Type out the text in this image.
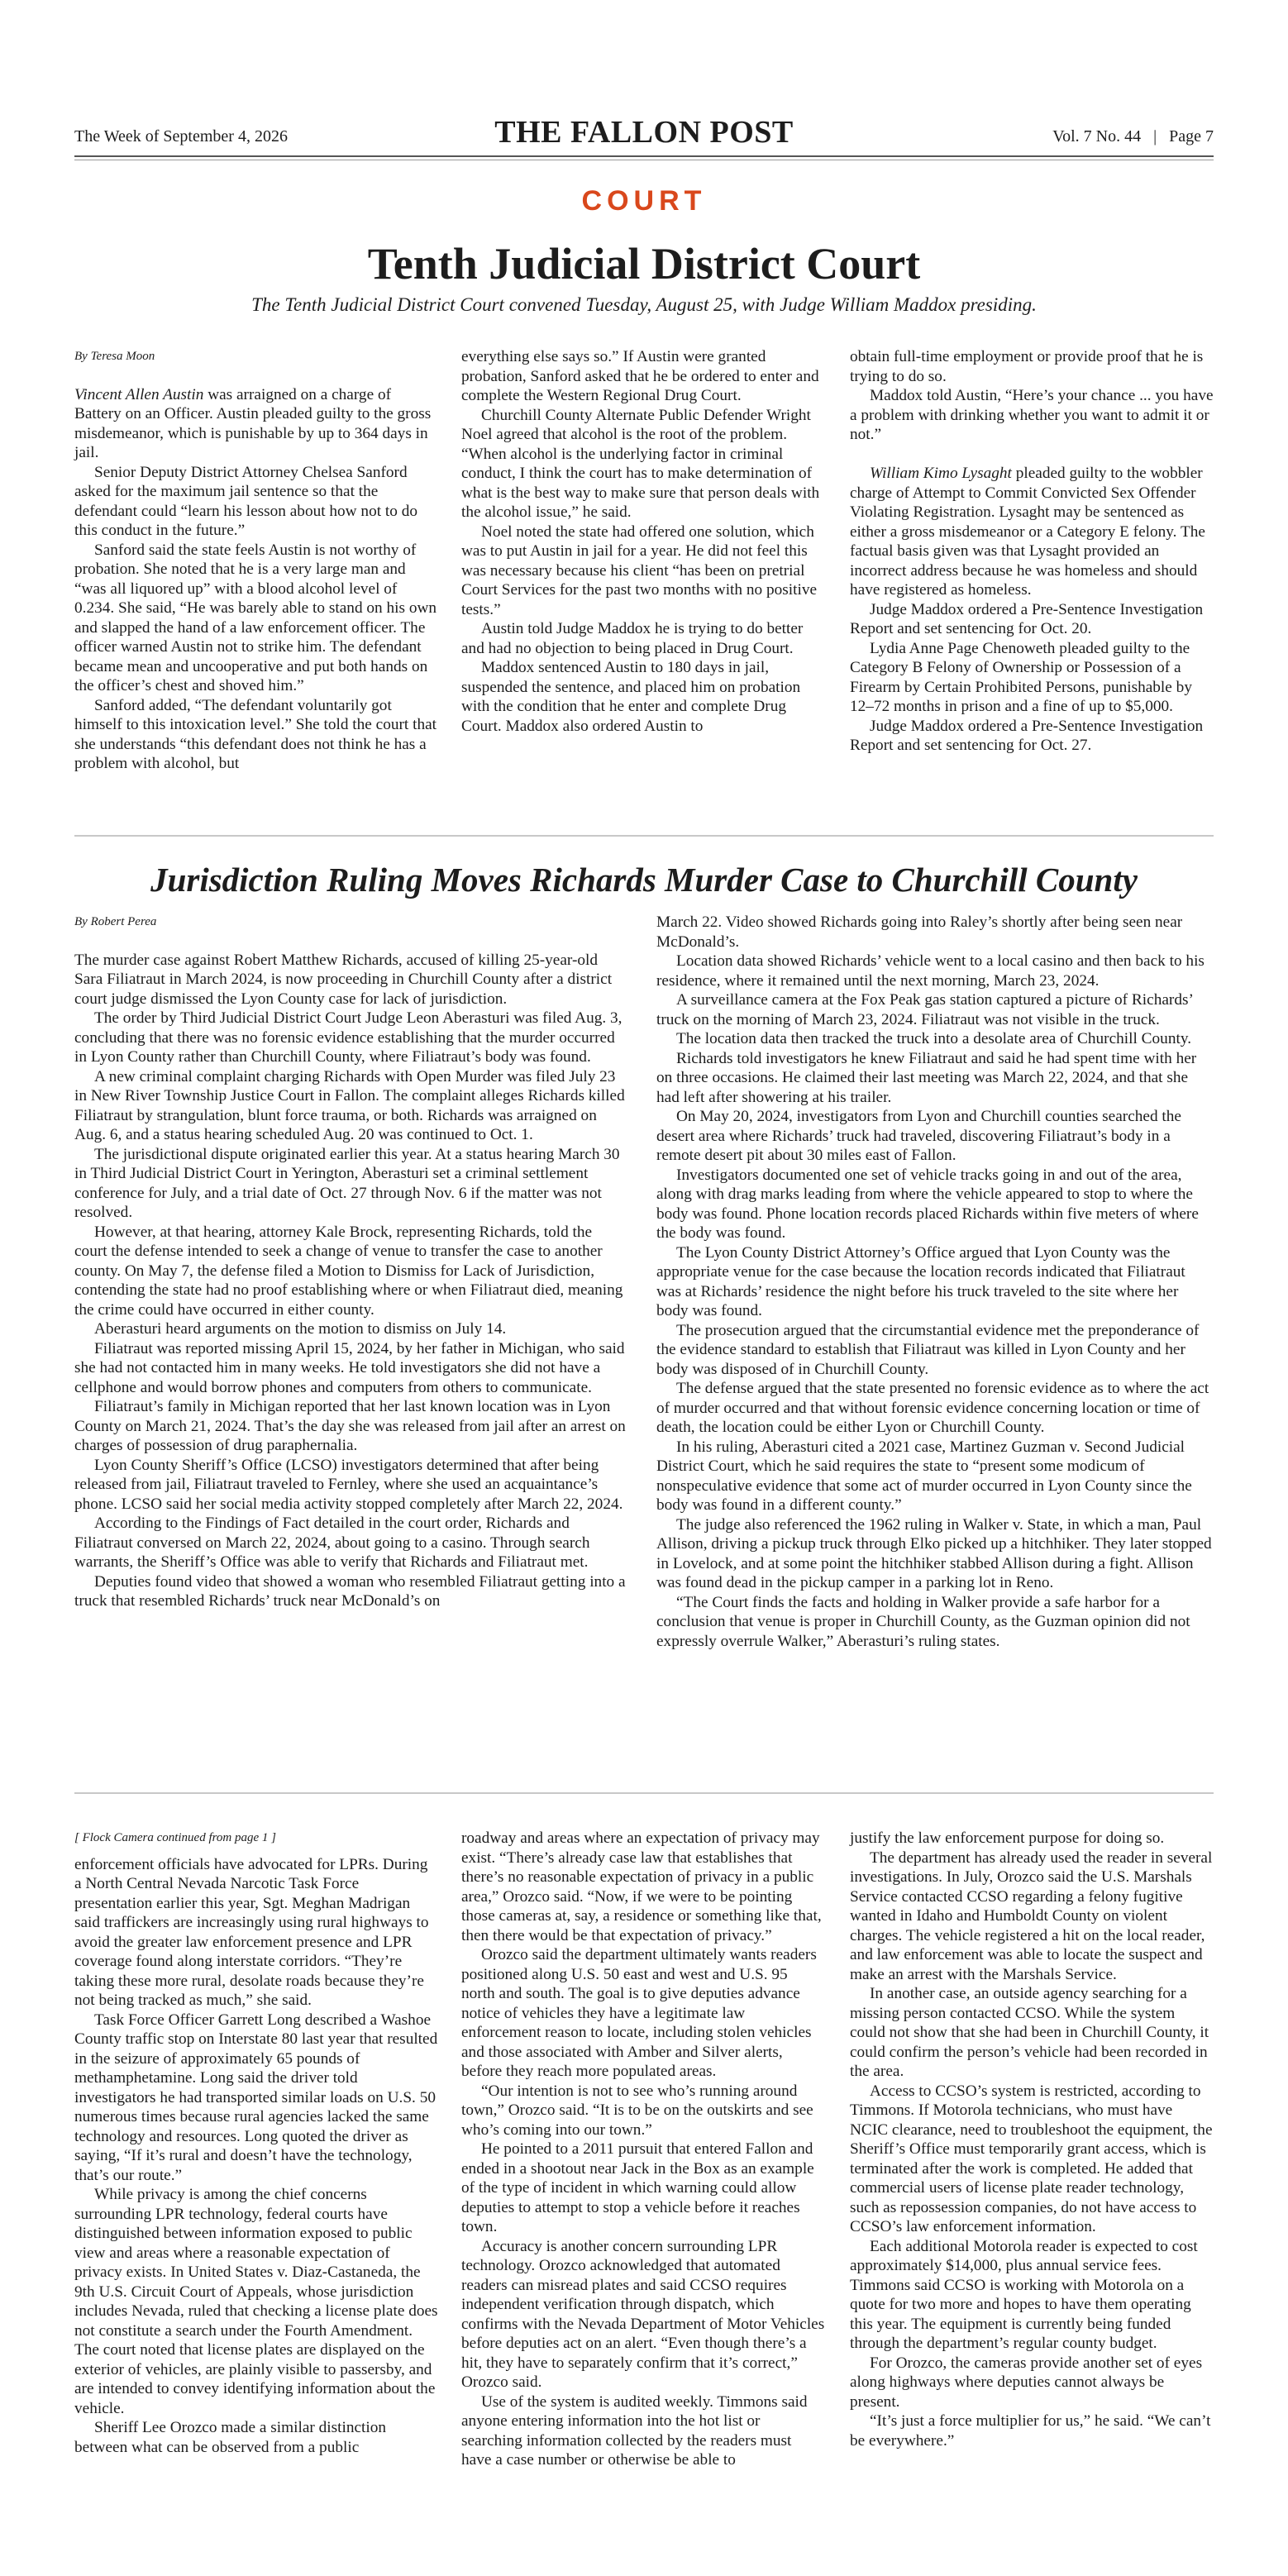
The Week of September 4, 2026	THE FALLON POST	Vol. 7 No. 44 | Page 7
COURT
Tenth Judicial District Court
The Tenth Judicial District Court convened Tuesday, August 25, with Judge William Maddox presiding.
By Teresa Moon

Vincent Allen Austin was arraigned on a charge of Battery on an Officer. Austin pleaded guilty to the gross misdemeanor, which is punishable by up to 364 days in jail.

Senior Deputy District Attorney Chelsea Sanford asked for the maximum jail sentence so that the defendant could “learn his lesson about how not to do this conduct in the future.”

Sanford said the state feels Austin is not worthy of probation. She noted that he is a very large man and “was all liquored up” with a blood alcohol level of 0.234. She said, “He was barely able to stand on his own and slapped the hand of a law enforcement officer. The officer warned Austin not to strike him. The defendant became mean and uncooperative and put both hands on the officer’s chest and shoved him.”

Sanford added, “The defendant voluntarily got himself to this intoxication level.” She told the court that she understands “this defendant does not think he has a problem with alcohol, but

everything else says so.” If Austin were granted probation, Sanford asked that he be ordered to enter and complete the Western Regional Drug Court.

Churchill County Alternate Public Defender Wright Noel agreed that alcohol is the root of the problem. “When alcohol is the underlying factor in criminal conduct, I think the court has to make determination of what is the best way to make sure that person deals with the alcohol issue,” he said.

Noel noted the state had offered one solution, which was to put Austin in jail for a year. He did not feel this was necessary because his client “has been on pretrial Court Services for the past two months with no positive tests.”

Austin told Judge Maddox he is trying to do better and had no objection to being placed in Drug Court.

Maddox sentenced Austin to 180 days in jail, suspended the sentence, and placed him on probation with the condition that he enter and complete Drug Court. Maddox also ordered Austin to

obtain full-time employment or provide proof that he is trying to do so.

Maddox told Austin, “Here’s your chance ... you have a problem with drinking whether you want to admit it or not.”

William Kimo Lysaght pleaded guilty to the wobbler charge of Attempt to Commit Convicted Sex Offender Violating Registration. Lysaght may be sentenced as either a gross misdemeanor or a Category E felony. The factual basis given was that Lysaght provided an incorrect address because he was homeless and should have registered as homeless.

Judge Maddox ordered a Pre-Sentence Investigation Report and set sentencing for Oct. 20.

Lydia Anne Page Chenoweth pleaded guilty to the Category B Felony of Ownership or Possession of a Firearm by Certain Prohibited Persons, punishable by 12–72 months in prison and a fine of up to $5,000.

Judge Maddox ordered a Pre-Sentence Investigation Report and set sentencing for Oct. 27.

Jurisdiction Ruling Moves Richards Murder Case to Churchill County
By Robert Perea

The murder case against Robert Matthew Richards, accused of killing 25-year-old Sara Filiatraut in March 2024, is now proceeding in Churchill County after a district court judge dismissed the Lyon County case for lack of jurisdiction.

The order by Third Judicial District Court Judge Leon Aberasturi was filed Aug. 3, concluding that there was no forensic evidence establishing that the murder occurred in Lyon County rather than Churchill County, where Filiatraut’s body was found.

A new criminal complaint charging Richards with Open Murder was filed July 23 in New River Township Justice Court in Fallon. The complaint alleges Richards killed Filiatraut by strangulation, blunt force trauma, or both. Richards was arraigned on Aug. 6, and a status hearing scheduled Aug. 20 was continued to Oct. 1.

The jurisdictional dispute originated earlier this year. At a status hearing March 30 in Third Judicial District Court in Yerington, Aberasturi set a criminal settlement conference for July, and a trial date of Oct. 27 through Nov. 6 if the matter was not resolved.

However, at that hearing, attorney Kale Brock, representing Richards, told the court the defense intended to seek a change of venue to transfer the case to another county. On May 7, the defense filed a Motion to Dismiss for Lack of Jurisdiction, contending the state had no proof establishing where or when Filiatraut died, meaning the crime could have occurred in either county.

Aberasturi heard arguments on the motion to dismiss on July 14.

Filiatraut was reported missing April 15, 2024, by her father in Michigan, who said she had not contacted him in many weeks. He told investigators she did not have a cellphone and would borrow phones and computers from others to communicate.

Filiatraut’s family in Michigan reported that her last known location was in Lyon County on March 21, 2024. That’s the day she was released from jail after an arrest on charges of possession of drug paraphernalia.

Lyon County Sheriff’s Office (LCSO) investigators determined that after being released from jail, Filiatraut traveled to Fernley, where she used an acquaintance’s phone. LCSO said her social media activity stopped completely after March 22, 2024.

According to the Findings of Fact detailed in the court order, Richards and Filiatraut conversed on March 22, 2024, about going to a casino. Through search warrants, the Sheriff’s Office was able to verify that Richards and Filiatraut met.

Deputies found video that showed a woman who resembled Filiatraut getting into a truck that resembled Richards’ truck near McDonald’s on

March 22. Video showed Richards going into Raley’s shortly after being seen near McDonald’s.

Location data showed Richards’ vehicle went to a local casino and then back to his residence, where it remained until the next morning, March 23, 2024.

A surveillance camera at the Fox Peak gas station captured a picture of Richards’ truck on the morning of March 23, 2024. Filiatraut was not visible in the truck.

The location data then tracked the truck into a desolate area of Churchill County.

Richards told investigators he knew Filiatraut and said he had spent time with her on three occasions. He claimed their last meeting was March 22, 2024, and that she had left after showering at his trailer.

On May 20, 2024, investigators from Lyon and Churchill counties searched the desert area where Richards’ truck had traveled, discovering Filiatraut’s body in a remote desert pit about 30 miles east of Fallon.

Investigators documented one set of vehicle tracks going in and out of the area, along with drag marks leading from where the vehicle appeared to stop to where the body was found. Phone location records placed Richards within five meters of where the body was found.

The Lyon County District Attorney’s Office argued that Lyon County was the appropriate venue for the case because the location records indicated that Filiatraut was at Richards’ residence the night before his truck traveled to the site where her body was found.

The prosecution argued that the circumstantial evidence met the preponderance of the evidence standard to establish that Filiatraut was killed in Lyon County and her body was disposed of in Churchill County.

The defense argued that the state presented no forensic evidence as to where the act of murder occurred and that without forensic evidence concerning location or time of death, the location could be either Lyon or Churchill County.

In his ruling, Aberasturi cited a 2021 case, Martinez Guzman v. Second Judicial District Court, which he said requires the state to “present some modicum of nonspeculative evidence that some act of murder occurred in Lyon County since the body was found in a different county.”

The judge also referenced the 1962 ruling in Walker v. State, in which a man, Paul Allison, driving a pickup truck through Elko picked up a hitchhiker. They later stopped in Lovelock, and at some point the hitchhiker stabbed Allison during a fight. Allison was found dead in the pickup camper in a parking lot in Reno.

“The Court finds the facts and holding in Walker provide a safe harbor for a conclusion that venue is proper in Churchill County, as the Guzman opinion did not expressly overrule Walker,” Aberasturi’s ruling states.

[ Flock Camera continued from page 1 ]

enforcement officials have advocated for LPRs. During a North Central Nevada Narcotic Task Force presentation earlier this year, Sgt. Meghan Madrigan said traffickers are increasingly using rural highways to avoid the greater law enforcement presence and LPR coverage found along interstate corridors. “They’re taking these more rural, desolate roads because they’re not being tracked as much,” she said.

Task Force Officer Garrett Long described a Washoe County traffic stop on Interstate 80 last year that resulted in the seizure of approximately 65 pounds of methamphetamine. Long said the driver told investigators he had transported similar loads on U.S. 50 numerous times because rural agencies lacked the same technology and resources. Long quoted the driver as saying, “If it’s rural and doesn’t have the technology, that’s our route.”

While privacy is among the chief concerns surrounding LPR technology, federal courts have distinguished between information exposed to public view and areas where a reasonable expectation of privacy exists. In United States v. Diaz-Castaneda, the 9th U.S. Circuit Court of Appeals, whose jurisdiction includes Nevada, ruled that checking a license plate does not constitute a search under the Fourth Amendment. The court noted that license plates are displayed on the exterior of vehicles, are plainly visible to passersby, and are intended to convey identifying information about the vehicle.

Sheriff Lee Orozco made a similar distinction between what can be observed from a public

roadway and areas where an expectation of privacy may exist. “There’s already case law that establishes that there’s no reasonable expectation of privacy in a public area,” Orozco said. “Now, if we were to be pointing those cameras at, say, a residence or something like that, then there would be that expectation of privacy.”

Orozco said the department ultimately wants readers positioned along U.S. 50 east and west and U.S. 95 north and south. The goal is to give deputies advance notice of vehicles they have a legitimate law enforcement reason to locate, including stolen vehicles and those associated with Amber and Silver alerts, before they reach more populated areas.

“Our intention is not to see who’s running around town,” Orozco said. “It is to be on the outskirts and see who’s coming into our town.”

He pointed to a 2011 pursuit that entered Fallon and ended in a shootout near Jack in the Box as an example of the type of incident in which warning could allow deputies to attempt to stop a vehicle before it reaches town.

Accuracy is another concern surrounding LPR technology. Orozco acknowledged that automated readers can misread plates and said CCSO requires independent verification through dispatch, which confirms with the Nevada Department of Motor Vehicles before deputies act on an alert. “Even though there’s a hit, they have to separately confirm that it’s correct,” Orozco said.

Use of the system is audited weekly. Timmons said anyone entering information into the hot list or searching information collected by the readers must have a case number or otherwise be able to

justify the law enforcement purpose for doing so.

The department has already used the reader in several investigations. In July, Orozco said the U.S. Marshals Service contacted CCSO regarding a felony fugitive wanted in Idaho and Humboldt County on violent charges. The vehicle registered a hit on the local reader, and law enforcement was able to locate the suspect and make an arrest with the Marshals Service.

In another case, an outside agency searching for a missing person contacted CCSO. While the system could not show that she had been in Churchill County, it could confirm the person’s vehicle had been recorded in the area.

Access to CCSO’s system is restricted, according to Timmons. If Motorola technicians, who must have NCIC clearance, need to troubleshoot the equipment, the Sheriff’s Office must temporarily grant access, which is terminated after the work is completed. He added that commercial users of license plate reader technology, such as repossession companies, do not have access to CCSO’s law enforcement information.

Each additional Motorola reader is expected to cost approximately $14,000, plus annual service fees. Timmons said CCSO is working with Motorola on a quote for two more and hopes to have them operating this year. The equipment is currently being funded through the department’s regular county budget.

For Orozco, the cameras provide another set of eyes along highways where deputies cannot always be present.

“It’s just a force multiplier for us,” he said. “We can’t be everywhere.”
